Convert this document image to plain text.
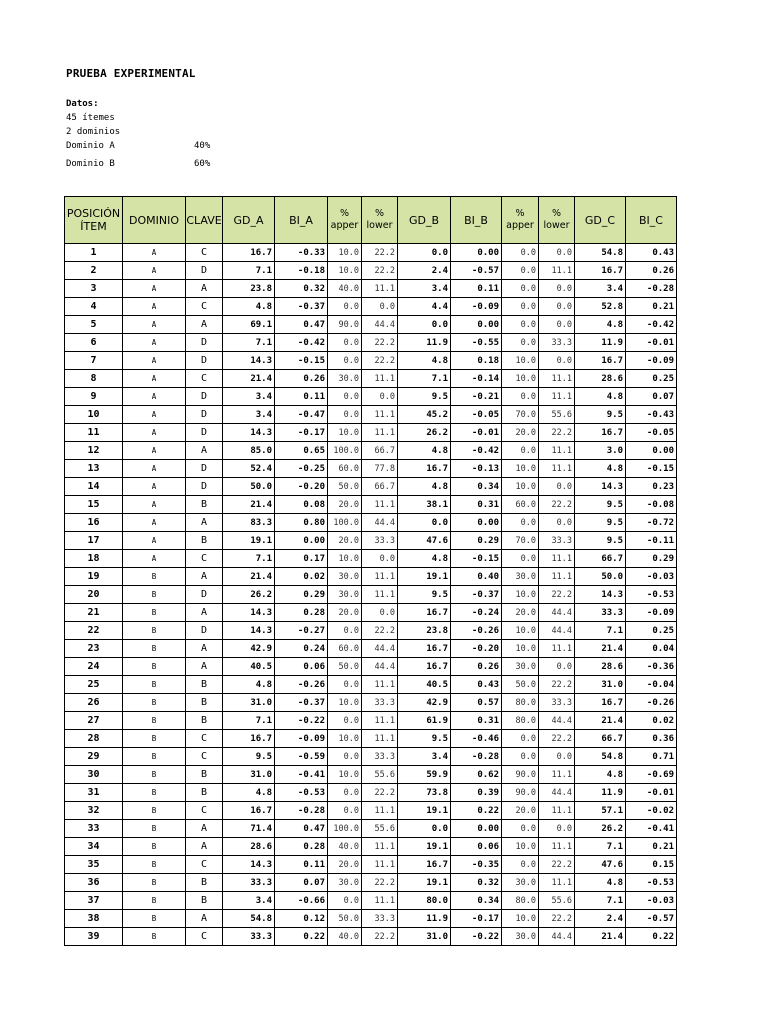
PRUEBA EXPERIMENTAL
Datos:
45 ítemes
2 dominios
Dominio A	40%
Dominio B	60%
POSICIÓN ÍTEM	DOMINIO	CLAVE	GD_A	BI_A	% apper	% lower	GD_B	BI_B	% apper	% lower	GD_C	BI_C
1	A	C	16.7	-0.33	10.0	22.2	0.0	0.00	0.0	0.0	54.8	0.43
2	A	D	7.1	-0.18	10.0	22.2	2.4	-0.57	0.0	11.1	16.7	0.26
3	A	A	23.8	0.32	40.0	11.1	3.4	0.11	0.0	0.0	3.4	-0.28
4	A	C	4.8	-0.37	0.0	0.0	4.4	-0.09	0.0	0.0	52.8	0.21
5	A	A	69.1	0.47	90.0	44.4	0.0	0.00	0.0	0.0	4.8	-0.42
6	A	D	7.1	-0.42	0.0	22.2	11.9	-0.55	0.0	33.3	11.9	-0.01
7	A	D	14.3	-0.15	0.0	22.2	4.8	0.18	10.0	0.0	16.7	-0.09
8	A	C	21.4	0.26	30.0	11.1	7.1	-0.14	10.0	11.1	28.6	0.25
9	A	D	3.4	0.11	0.0	0.0	9.5	-0.21	0.0	11.1	4.8	0.07
10	A	D	3.4	-0.47	0.0	11.1	45.2	-0.05	70.0	55.6	9.5	-0.43
11	A	D	14.3	-0.17	10.0	11.1	26.2	-0.01	20.0	22.2	16.7	-0.05
12	A	A	85.0	0.65	100.0	66.7	4.8	-0.42	0.0	11.1	3.0	0.00
13	A	D	52.4	-0.25	60.0	77.8	16.7	-0.13	10.0	11.1	4.8	-0.15
14	A	D	50.0	-0.20	50.0	66.7	4.8	0.34	10.0	0.0	14.3	0.23
15	A	B	21.4	0.08	20.0	11.1	38.1	0.31	60.0	22.2	9.5	-0.08
16	A	A	83.3	0.80	100.0	44.4	0.0	0.00	0.0	0.0	9.5	-0.72
17	A	B	19.1	0.00	20.0	33.3	47.6	0.29	70.0	33.3	9.5	-0.11
18	A	C	7.1	0.17	10.0	0.0	4.8	-0.15	0.0	11.1	66.7	0.29
19	B	A	21.4	0.02	30.0	11.1	19.1	0.40	30.0	11.1	50.0	-0.03
20	B	D	26.2	0.29	30.0	11.1	9.5	-0.37	10.0	22.2	14.3	-0.53
21	B	A	14.3	0.28	20.0	0.0	16.7	-0.24	20.0	44.4	33.3	-0.09
22	B	D	14.3	-0.27	0.0	22.2	23.8	-0.26	10.0	44.4	7.1	0.25
23	B	A	42.9	0.24	60.0	44.4	16.7	-0.20	10.0	11.1	21.4	0.04
24	B	A	40.5	0.06	50.0	44.4	16.7	0.26	30.0	0.0	28.6	-0.36
25	B	B	4.8	-0.26	0.0	11.1	40.5	0.43	50.0	22.2	31.0	-0.04
26	B	B	31.0	-0.37	10.0	33.3	42.9	0.57	80.0	33.3	16.7	-0.26
27	B	B	7.1	-0.22	0.0	11.1	61.9	0.31	80.0	44.4	21.4	0.02
28	B	C	16.7	-0.09	10.0	11.1	9.5	-0.46	0.0	22.2	66.7	0.36
29	B	C	9.5	-0.59	0.0	33.3	3.4	-0.28	0.0	0.0	54.8	0.71
30	B	B	31.0	-0.41	10.0	55.6	59.9	0.62	90.0	11.1	4.8	-0.69
31	B	B	4.8	-0.53	0.0	22.2	73.8	0.39	90.0	44.4	11.9	-0.01
32	B	C	16.7	-0.28	0.0	11.1	19.1	0.22	20.0	11.1	57.1	-0.02
33	B	A	71.4	0.47	100.0	55.6	0.0	0.00	0.0	0.0	26.2	-0.41
34	B	A	28.6	0.28	40.0	11.1	19.1	0.06	10.0	11.1	7.1	0.21
35	B	C	14.3	0.11	20.0	11.1	16.7	-0.35	0.0	22.2	47.6	0.15
36	B	B	33.3	0.07	30.0	22.2	19.1	0.32	30.0	11.1	4.8	-0.53
37	B	B	3.4	-0.66	0.0	11.1	80.0	0.34	80.0	55.6	7.1	-0.03
38	B	A	54.8	0.12	50.0	33.3	11.9	-0.17	10.0	22.2	2.4	-0.57
39	B	C	33.3	0.22	40.0	22.2	31.0	-0.22	30.0	44.4	21.4	0.22
